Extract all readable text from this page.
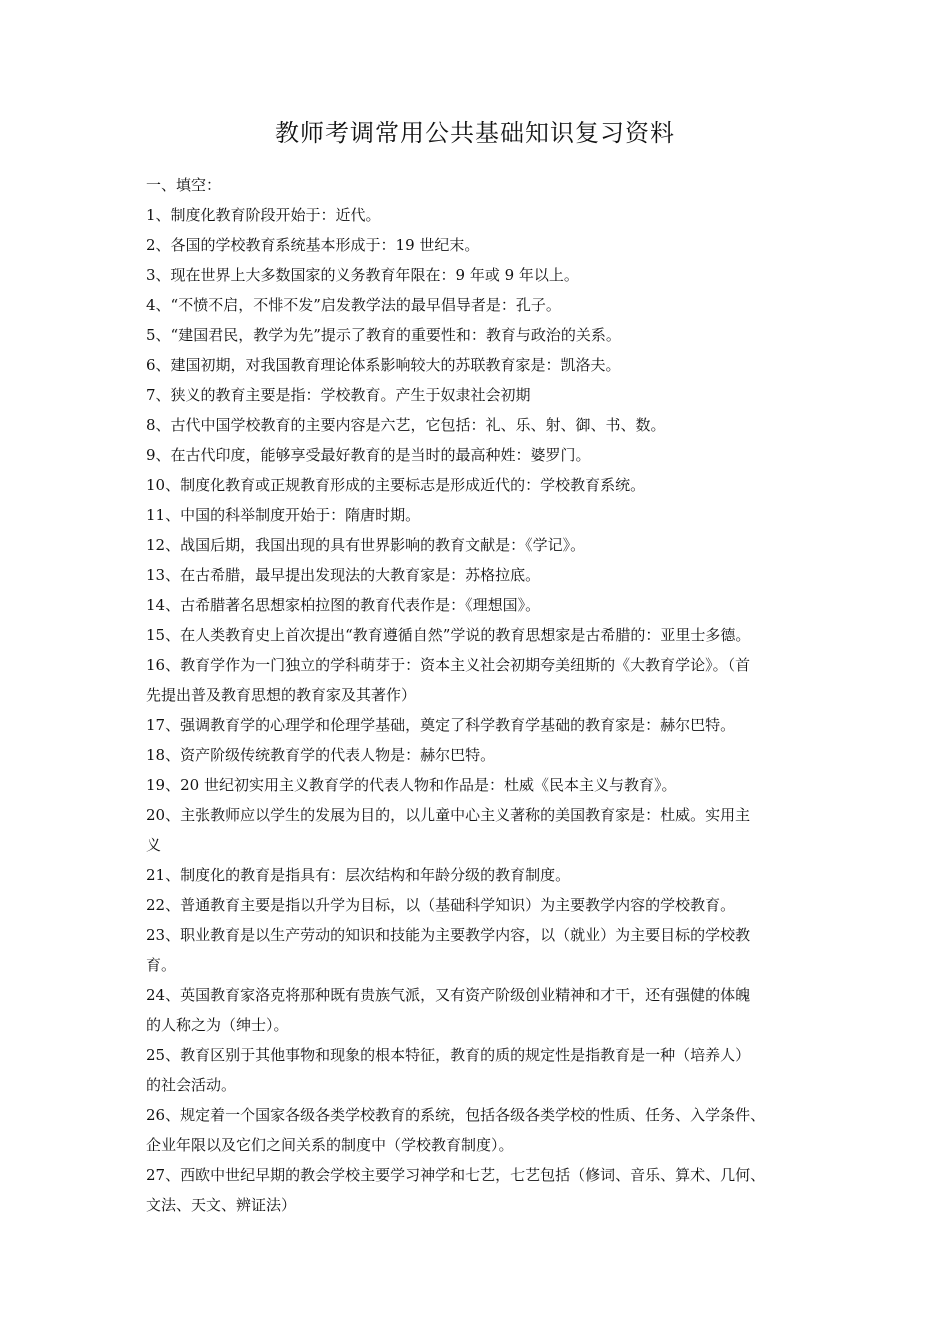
教师考调常用公共基础知识复习资料

一、填空：

1、制度化教育阶段开始于：近代。

2、各国的学校教育系统基本形成于：19 世纪末。

3、现在世界上大多数国家的义务教育年限在：9 年或 9 年以上。

4、“不愤不启，不悱不发”启发教学法的最早倡导者是：孔子。

5、“建国君民，教学为先”提示了教育的重要性和：教育与政治的关系。

6、建国初期，对我国教育理论体系影响较大的苏联教育家是：凯洛夫。

7、狭义的教育主要是指：学校教育。产生于奴隶社会初期

8、古代中国学校教育的主要内容是六艺，它包括：礼、乐、射、御、书、数。

9、在古代印度，能够享受最好教育的是当时的最高种姓：婆罗门。

10、制度化教育或正规教育形成的主要标志是形成近代的：学校教育系统。

11、中国的科举制度开始于：隋唐时期。

12、战国后期，我国出现的具有世界影响的教育文献是：《学记》。

13、在古希腊，最早提出发现法的大教育家是：苏格拉底。

14、古希腊著名思想家柏拉图的教育代表作是：《理想国》。

15、在人类教育史上首次提出“教育遵循自然”学说的教育思想家是古希腊的：亚里士多德。

16、教育学作为一门独立的学科萌芽于：资本主义社会初期夸美纽斯的《大教育学论》。（首

先提出普及教育思想的教育家及其著作）

17、强调教育学的心理学和伦理学基础，奠定了科学教育学基础的教育家是：赫尔巴特。

18、资产阶级传统教育学的代表人物是：赫尔巴特。

19、20 世纪初实用主义教育学的代表人物和作品是：杜威《民本主义与教育》。

20、主张教师应以学生的发展为目的，以儿童中心主义著称的美国教育家是：杜威。实用主

义

21、制度化的教育是指具有：层次结构和年龄分级的教育制度。

22、普通教育主要是指以升学为目标，以（基础科学知识）为主要教学内容的学校教育。

23、职业教育是以生产劳动的知识和技能为主要教学内容，以（就业）为主要目标的学校教

育。

24、英国教育家洛克将那种既有贵族气派，又有资产阶级创业精神和才干，还有强健的体魄

的人称之为（绅士）。

25、教育区别于其他事物和现象的根本特征，教育的质的规定性是指教育是一种（培养人）

的社会活动。

26、规定着一个国家各级各类学校教育的系统，包括各级各类学校的性质、任务、入学条件、

企业年限以及它们之间关系的制度中（学校教育制度）。

27、西欧中世纪早期的教会学校主要学习神学和七艺，七艺包括（修词、音乐、算术、几何、

文法、天文、辨证法）
